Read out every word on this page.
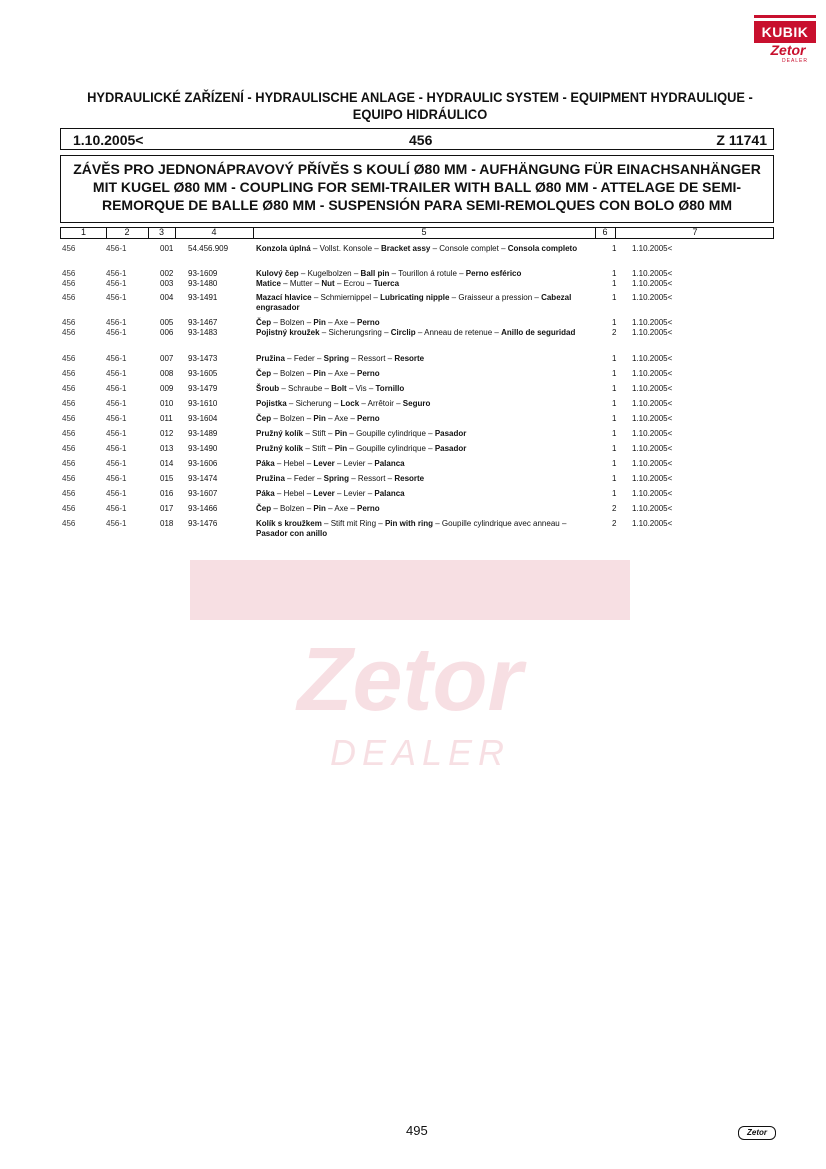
Zetor
DEALER
KUBIK
Zetor
DEALER
HYDRAULICKÉ ZAŘÍZENÍ - HYDRAULISCHE ANLAGE - HYDRAULIC SYSTEM - EQUIPMENT HYDRAULIQUE - EQUIPO HIDRÁULICO
1.10.2005<	456	Z 11741
ZÁVĚS PRO JEDNONÁPRAVOVÝ PŘÍVĚS S KOULÍ Ø80 MM - AUFHÄNGUNG FÜR EINACHSANHÄNGER MIT KUGEL Ø80 MM - COUPLING FOR SEMI-TRAILER WITH BALL Ø80 MM - ATTELAGE DE SEMI-REMORQUE DE BALLE Ø80 MM - SUSPENSIÓN PARA SEMI-REMOLQUES CON BOLO Ø80 MM
1	2	3	4	5	6	7
456	456-1	001 54.456.909	Konzola úplná – Vollst. Konsole – Bracket assy – Console complet – Consola completo	1 1.10.2005<
456	456-1	002 93-1609	Kulový čep – Kugelbolzen – Ball pin – Tourillon á rotule – Perno esférico	1 1.10.2005<
456	456-1	003 93-1480	Matice – Mutter – Nut – Ecrou – Tuerca	1 1.10.2005<
456	456-1	004 93-1491	Mazací hlavice – Schmiernippel – Lubricating nipple – Graisseur a pression – Cabezal engrasador
1 1.10.2005<
456	456-1	005 93-1467	Čep – Bolzen – Pin – Axe – Perno	1 1.10.2005<
456	456-1	006 93-1483	Pojistný kroužek – Sicherungsring – Circlip – Anneau de retenue – Anillo de seguridad	2 1.10.2005<
456	456-1	007 93-1473	Pružina – Feder – Spring – Ressort – Resorte	1 1.10.2005<
456	456-1	008 93-1605	Čep – Bolzen – Pin – Axe – Perno	1 1.10.2005<
456	456-1	009 93-1479	Šroub – Schraube – Bolt – Vis – Tornillo	1 1.10.2005<
456	456-1	010 93-1610	Pojistka – Sicherung – Lock – Arrêtoir – Seguro	1 1.10.2005<
456	456-1	011 93-1604	Čep – Bolzen – Pin – Axe – Perno	1 1.10.2005<
456	456-1	012 93-1489	Pružný kolík – Stift – Pin – Goupille cylindrique – Pasador	1 1.10.2005<
456	456-1	013 93-1490	Pružný kolík – Stift – Pin – Goupille cylindrique – Pasador	1 1.10.2005<
456	456-1	014 93-1606	Páka – Hebel – Lever – Levier – Palanca	1 1.10.2005<
456	456-1	015 93-1474	Pružina – Feder – Spring – Ressort – Resorte	1 1.10.2005<
456	456-1	016 93-1607	Páka – Hebel – Lever – Levier – Palanca	1 1.10.2005<
456	456-1	017 93-1466	Čep – Bolzen – Pin – Axe – Perno	2 1.10.2005<
456	456-1	018 93-1476	Kolík s kroužkem – Stift mit Ring – Pin with ring – Goupille cylindrique avec anneau – Pasador con anillo
2 1.10.2005<
495	Zetor
